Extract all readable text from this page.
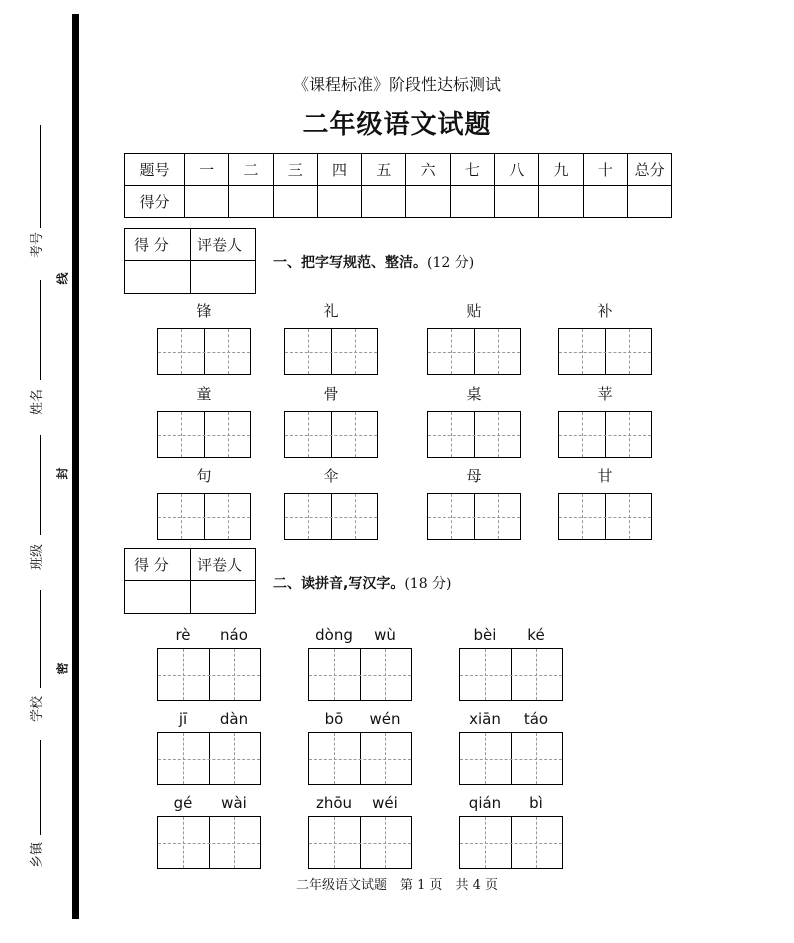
考号
姓名
班级
学校
乡镇
线
封
密
《课程标准》阶段性达标测试
二年级语文试题
题号	一	二	三	四	五	六	七	八	九	十	总分
得分											
得 分 评卷人
一、把字写规范、整洁。(12 分)
锋	礼	贴	补
童	骨	桌	苹
句	伞	母	甘
得 分 评卷人
二、读拼音,写汉字。(18 分)
rè	náo	dòng	wù	bèi	ké
jī	dàn	bō	wén	xiān	táo
gé	wài	zhōu	wéi	qián	bì
二年级语文试题　第 1 页　共 4 页
